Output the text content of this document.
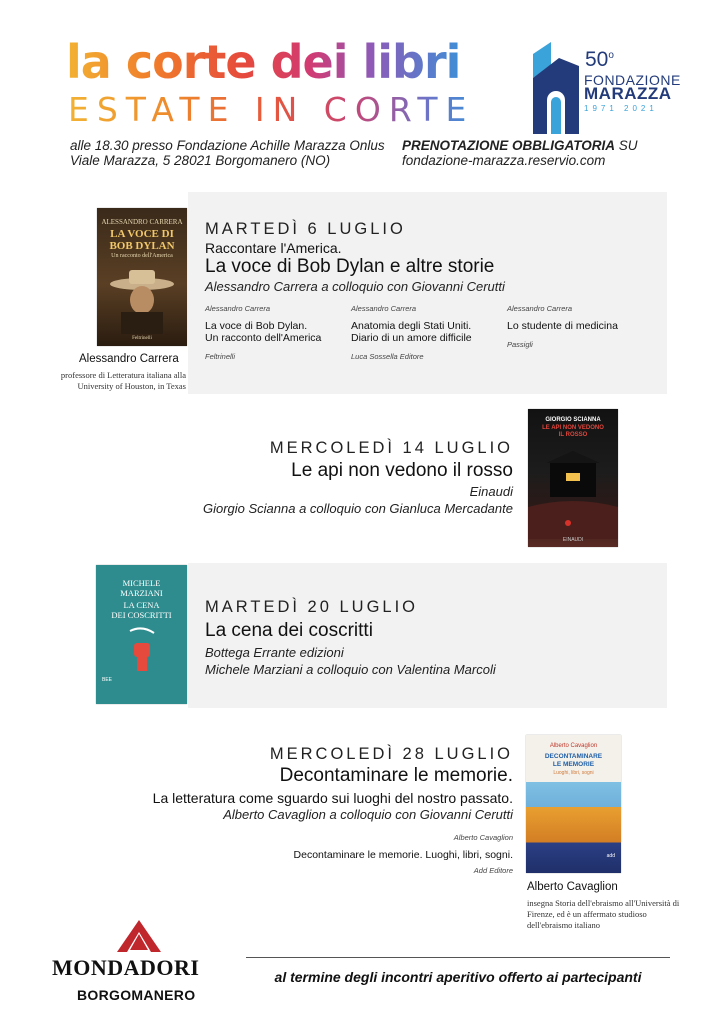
la corte dei libri
ESTATE IN CORTE
50$^o$
FONDAZIONE
MARAZZA
1971 2021
alle 18.30 presso Fondazione Achille Marazza Onlus
Viale Marazza, 5 28021 Borgomanero (NO)
PRENOTAZIONE OBBLIGATORIA SU
fondazione-marazza.reservio.com
ALESSANDRO CARRERA
LA VOCE DI
BOB DYLAN
Un racconto dell'America
Feltrinelli
MARTEDÌ 6 LUGLIO
Raccontare l'America.
La voce di Bob Dylan e altre storie
Alessandro Carrera a colloquio con Giovanni Cerutti
Alessandro Carrera
La voce di Bob Dylan.
Un racconto dell'America
Feltrinelli
Alessandro Carrera
Anatomia degli Stati Uniti.
Diario di un amore difficile
Luca Sossella Editore
Alessandro Carrera
Lo studente di medicina
Passigli
Alessandro Carrera
professore di Letteratura italiana alla University of Houston, in Texas
MERCOLEDÌ 14 LUGLIO
Le api non vedono il rosso
Einaudi
Giorgio Scianna a colloquio con Gianluca Mercadante
GIORGIO SCIANNA
LE API NON VEDONO
IL ROSSO
EINAUDI
MICHELE
MARZIANI
LA CENA
DEI COSCRITTI
BEE
MARTEDÌ 20 LUGLIO
La cena dei coscritti
Bottega Errante edizioni
Michele Marziani a colloquio con Valentina Marcoli
MERCOLEDÌ 28 LUGLIO
Decontaminare le memorie.
La letteratura come sguardo sui luoghi del nostro passato.
Alberto Cavaglion a colloquio con Giovanni Cerutti
Alberto Cavaglion
Decontaminare le memorie. Luoghi, libri, sogni.
Add Editore
Alberto Cavaglion
DECONTAMINARE
LE MEMORIE
Luoghi, libri, sogni
add
Alberto Cavaglion
insegna Storia dell'ebraismo all'Università di Firenze, ed è un affermato studioso dell'ebraismo italiano
MONDADORI
BORGOMANERO
al termine degli incontri aperitivo offerto ai partecipanti
